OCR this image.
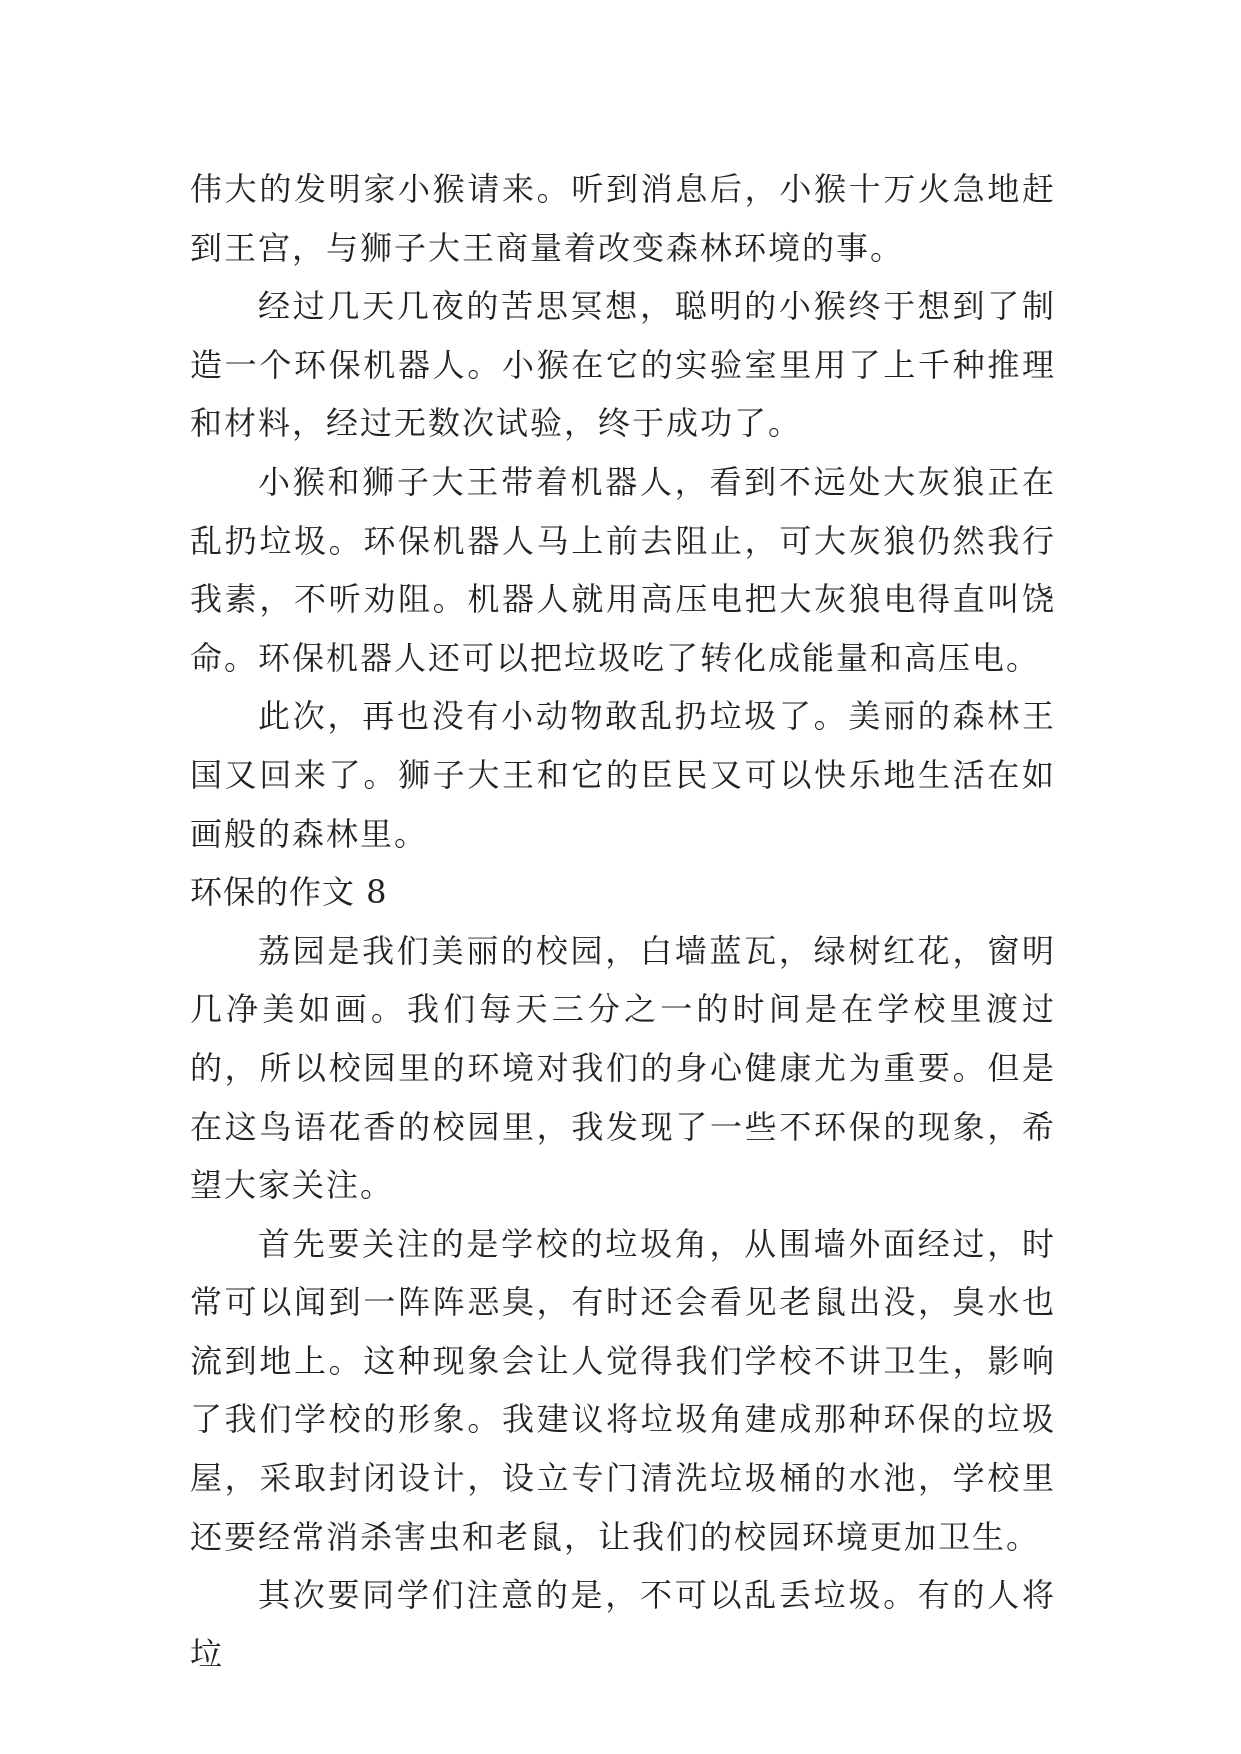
伟大的发明家小猴请来。听到消息后，小猴十万火急地赶到王宫，与狮子大王商量着改变森林环境的事。

经过几天几夜的苦思冥想，聪明的小猴终于想到了制造一个环保机器人。小猴在它的实验室里用了上千种推理和材料，经过无数次试验，终于成功了。

小猴和狮子大王带着机器人，看到不远处大灰狼正在乱扔垃圾。环保机器人马上前去阻止，可大灰狼仍然我行我素，不听劝阻。机器人就用高压电把大灰狼电得直叫饶命。环保机器人还可以把垃圾吃了转化成能量和高压电。

此次，再也没有小动物敢乱扔垃圾了。美丽的森林王国又回来了。狮子大王和它的臣民又可以快乐地生活在如画般的森林里。

环保的作文 8

荔园是我们美丽的校园，白墙蓝瓦，绿树红花，窗明几净美如画。我们每天三分之一的时间是在学校里渡过的，所以校园里的环境对我们的身心健康尤为重要。但是在这鸟语花香的校园里，我发现了一些不环保的现象，希望大家关注。

首先要关注的是学校的垃圾角，从围墙外面经过，时常可以闻到一阵阵恶臭，有时还会看见老鼠出没，臭水也流到地上。这种现象会让人觉得我们学校不讲卫生，影响了我们学校的形象。我建议将垃圾角建成那种环保的垃圾屋，采取封闭设计，设立专门清洗垃圾桶的水池，学校里还要经常消杀害虫和老鼠，让我们的校园环境更加卫生。

其次要同学们注意的是，不可以乱丢垃圾。有的人将垃
